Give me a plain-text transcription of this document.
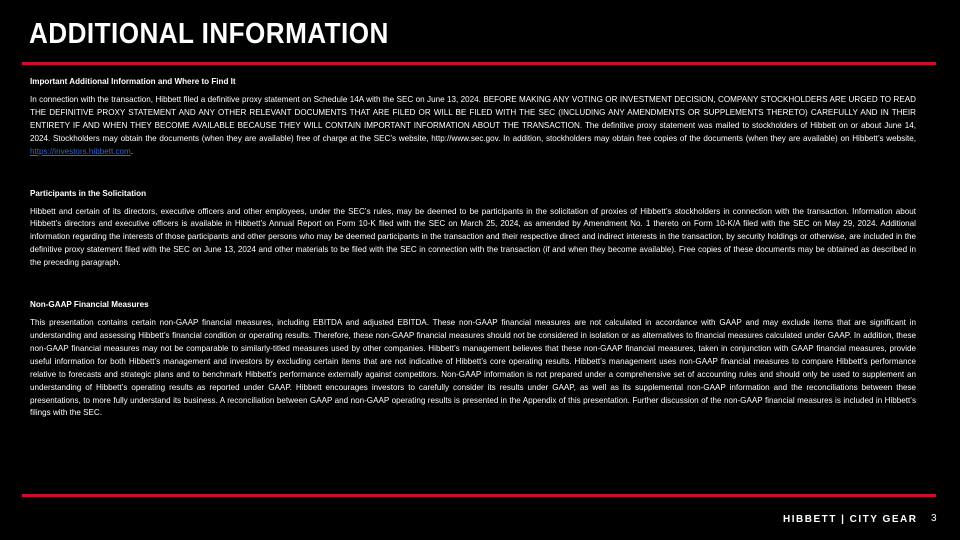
ADDITIONAL INFORMATION

Important Additional Information and Where to Find It

In connection with the transaction, Hibbett filed a definitive proxy statement on Schedule 14A with the SEC on June 13, 2024. BEFORE MAKING ANY VOTING OR INVESTMENT DECISION, COMPANY STOCKHOLDERS ARE URGED TO READ THE DEFINITIVE PROXY STATEMENT AND ANY OTHER RELEVANT DOCUMENTS THAT ARE FILED OR WILL BE FILED WITH THE SEC (INCLUDING ANY AMENDMENTS OR SUPPLEMENTS THERETO) CAREFULLY AND IN THEIR ENTIRETY IF AND WHEN THEY BECOME AVAILABLE BECAUSE THEY WILL CONTAIN IMPORTANT INFORMATION ABOUT THE TRANSACTION. The definitive proxy statement was mailed to stockholders of Hibbett on or about June 14, 2024. Stockholders may obtain the documents (when they are available) free of charge at the SEC’s website, http://www.sec.gov. In addition, stockholders may obtain free copies of the documents (when they are available) on Hibbett’s website, https://investors.hibbett.com.

Participants in the Solicitation

Hibbett and certain of its directors, executive officers and other employees, under the SEC’s rules, may be deemed to be participants in the solicitation of proxies of Hibbett’s stockholders in connection with the transaction. Information about Hibbett’s directors and executive officers is available in Hibbett’s Annual Report on Form 10-K filed with the SEC on March 25, 2024, as amended by Amendment No. 1 thereto on Form 10-K/A filed with the SEC on May 29, 2024. Additional information regarding the interests of those participants and other persons who may be deemed participants in the transaction and their respective direct and indirect interests in the transaction, by security holdings or otherwise, are included in the definitive proxy statement filed with the SEC on June 13, 2024 and other materials to be filed with the SEC in connection with the transaction (if and when they become available). Free copies of these documents may be obtained as described in the preceding paragraph.

Non-GAAP Financial Measures

This presentation contains certain non-GAAP financial measures, including EBITDA and adjusted EBITDA. These non-GAAP financial measures are not calculated in accordance with GAAP and may exclude items that are significant in understanding and assessing Hibbett’s financial condition or operating results. Therefore, these non-GAAP financial measures should not be considered in isolation or as alternatives to financial measures calculated under GAAP. In addition, these non-GAAP financial measures may not be comparable to similarly-titled measures used by other companies. Hibbett’s management believes that these non-GAAP financial measures, taken in conjunction with GAAP financial measures, provide useful information for both Hibbett’s management and investors by excluding certain items that are not indicative of Hibbett’s core operating results. Hibbett’s management uses non-GAAP financial measures to compare Hibbett’s performance relative to forecasts and strategic plans and to benchmark Hibbett’s performance externally against competitors. Non-GAAP information is not prepared under a comprehensive set of accounting rules and should only be used to supplement an understanding of Hibbett’s operating results as reported under GAAP. Hibbett encourages investors to carefully consider its results under GAAP, as well as its supplemental non-GAAP information and the reconciliations between these presentations, to more fully understand its business. A reconciliation between GAAP and non-GAAP operating results is presented in the Appendix of this presentation. Further discussion of the non-GAAP financial measures is included in Hibbett’s filings with the SEC.

HIBBETT | CITY GEAR 3
